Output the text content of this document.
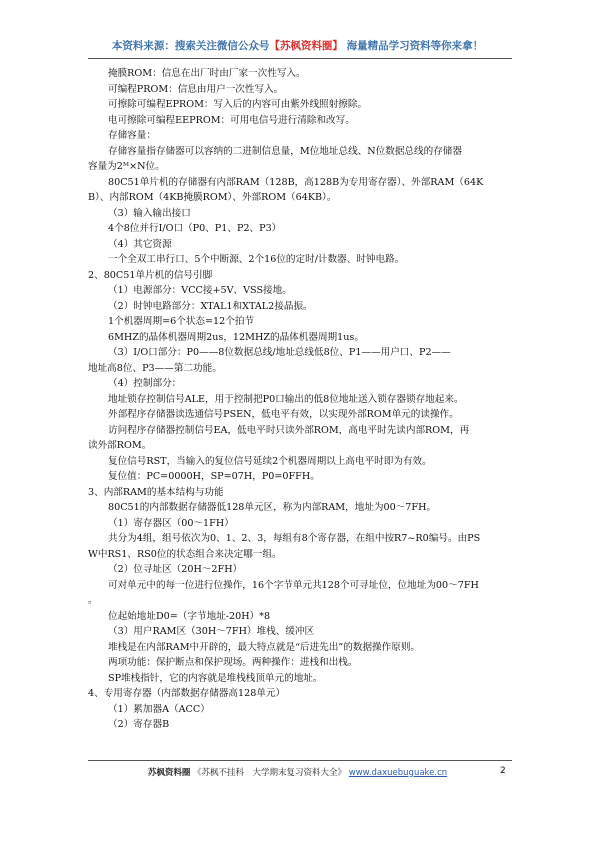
本资料来源：搜索关注微信公众号【苏枫资料圈】 海量精品学习资料等你来拿！
掩膜ROM：信息在出厂时由厂家一次性写入。
可编程PROM：信息由用户一次性写入。
可擦除可编程EPROM：写入后的内容可由紫外线照射擦除。
电可擦除可编程EEPROM：可用电信号进行清除和改写。
存储容量：
存储容量指存储器可以容纳的二进制信息量，M位地址总线、N位数据总线的存储器
容量为2ᴹ×N位。
80C51单片机的存储器有内部RAM（128B，高128B为专用寄存器）、外部RAM（64K
B）、内部ROM（4KB掩膜ROM）、外部ROM（64KB）。
（3）输入输出接口
4个8位并行I/O口（P0、P1、P2、P3）
（4）其它资源
一个全双工串行口、5个中断源、2个16位的定时/计数器、时钟电路。
2、80C51单片机的信号引脚
（1）电源部分：VCC接+5V、VSS接地。
（2）时钟电路部分：XTAL1和XTAL2接晶振。
1个机器周期=6个状态=12个拍节
6MHZ的晶体机器周期2us，12MHZ的晶体机器周期1us。
（3）I/O口部分：P0——8位数据总线/地址总线低8位、P1——用户口、P2——
地址高8位、P3——第二功能。
（4）控制部分：
地址锁存控制信号ALE，用于控制把P0口输出的低8位地址送入锁存器锁存地起来。
外部程序存储器读选通信号PSEN，低电平有效，以实现外部ROM单元的读操作。
访问程序存储器控制信号EA，低电平时只读外部ROM，高电平时先读内部ROM，再
读外部ROM。
复位信号RST，当输入的复位信号延续2个机器周期以上高电平时即为有效。
复位值：PC=0000H，SP=07H，P0=0FFH。
3、内部RAM的基本结构与功能
80C51的内部数据存储器低128单元区，称为内部RAM，地址为00～7FH。
（1）寄存器区（00～1FH）
共分为4组，组号依次为0、1、2、3，每组有8个寄存器，在组中按R7~R0编号。由PS
W中RS1、RS0位的状态组合来决定哪一组。
（2）位寻址区（20H～2FH）
可对单元中的每一位进行位操作，16个字节单元共128个可寻址位，位地址为00～7FH
。
位起始地址D0=（字节地址-20H）*8
（3）用户RAM区（30H～7FH）堆栈、缓冲区
堆栈是在内部RAM中开辟的，最大特点就是“后进先出”的数据操作原则。
两项功能：保护断点和保护现场。两种操作：进栈和出栈。
SP堆栈指针，它的内容就是堆栈栈顶单元的地址。
4、专用寄存器（内部数据存储器高128单元）
（1）累加器A（ACC）
（2）寄存器B
苏枫资料圈 《苏枫不挂科　大学期末复习资料大全》 www.daxuebuguake.cn	2
